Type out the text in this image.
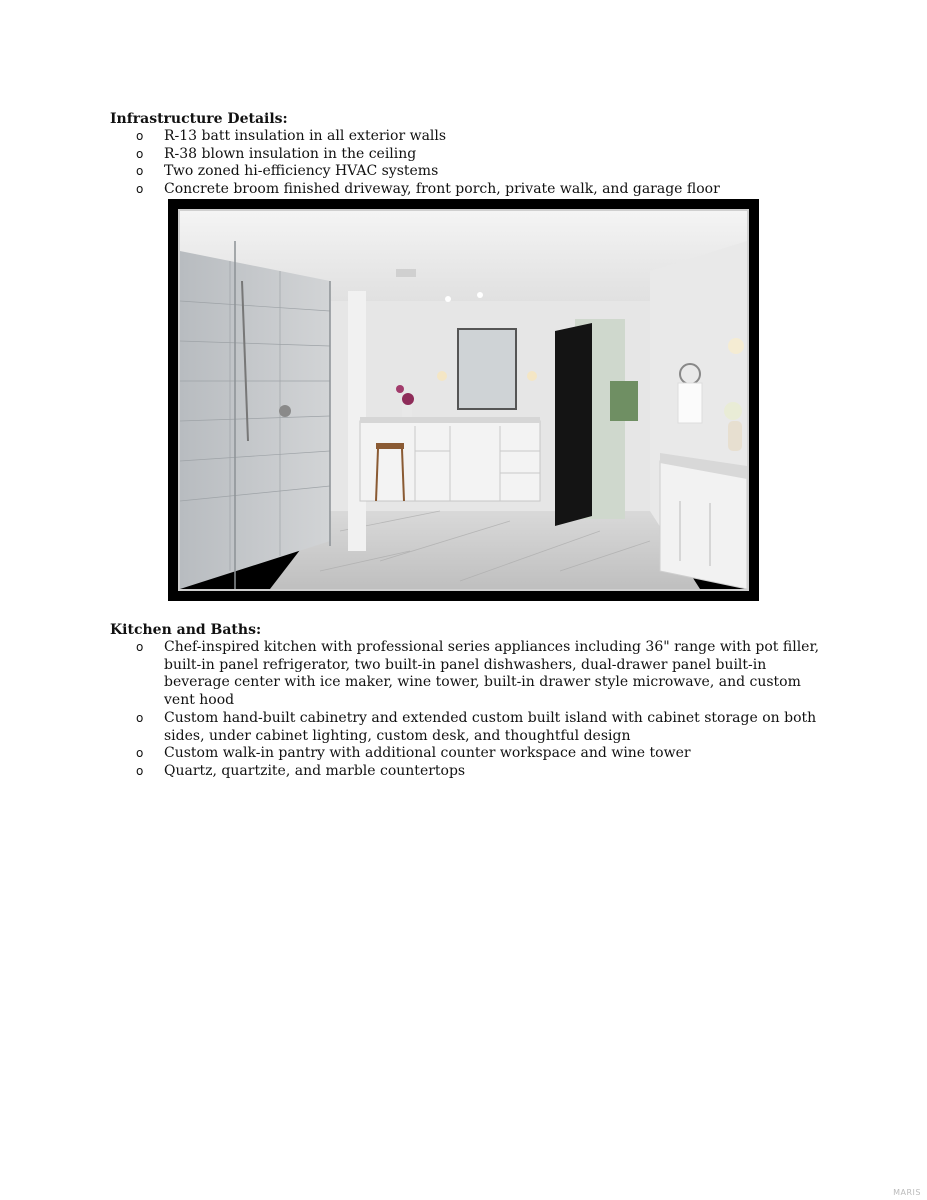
Infrastructure Details:
o R-13 batt insulation in all exterior walls
o R-38 blown insulation in the ceiling
o Two zoned hi-efficiency HVAC systems
o Concrete broom finished driveway, front porch, private walk, and garage floor
Kitchen and Baths:
o Chef-inspired kitchen with professional series appliances including 36" range with pot filler, built-in panel refrigerator, two built-in panel dishwashers, dual-drawer panel built-in beverage center with ice maker, wine tower, built-in drawer style microwave, and custom vent hood
o Custom hand-built cabinetry and extended custom built island with cabinet storage on both sides, under cabinet lighting, custom desk, and thoughtful design
o Custom walk-in pantry with additional counter workspace and wine tower
o Quartz, quartzite, and marble countertops
MARIS
